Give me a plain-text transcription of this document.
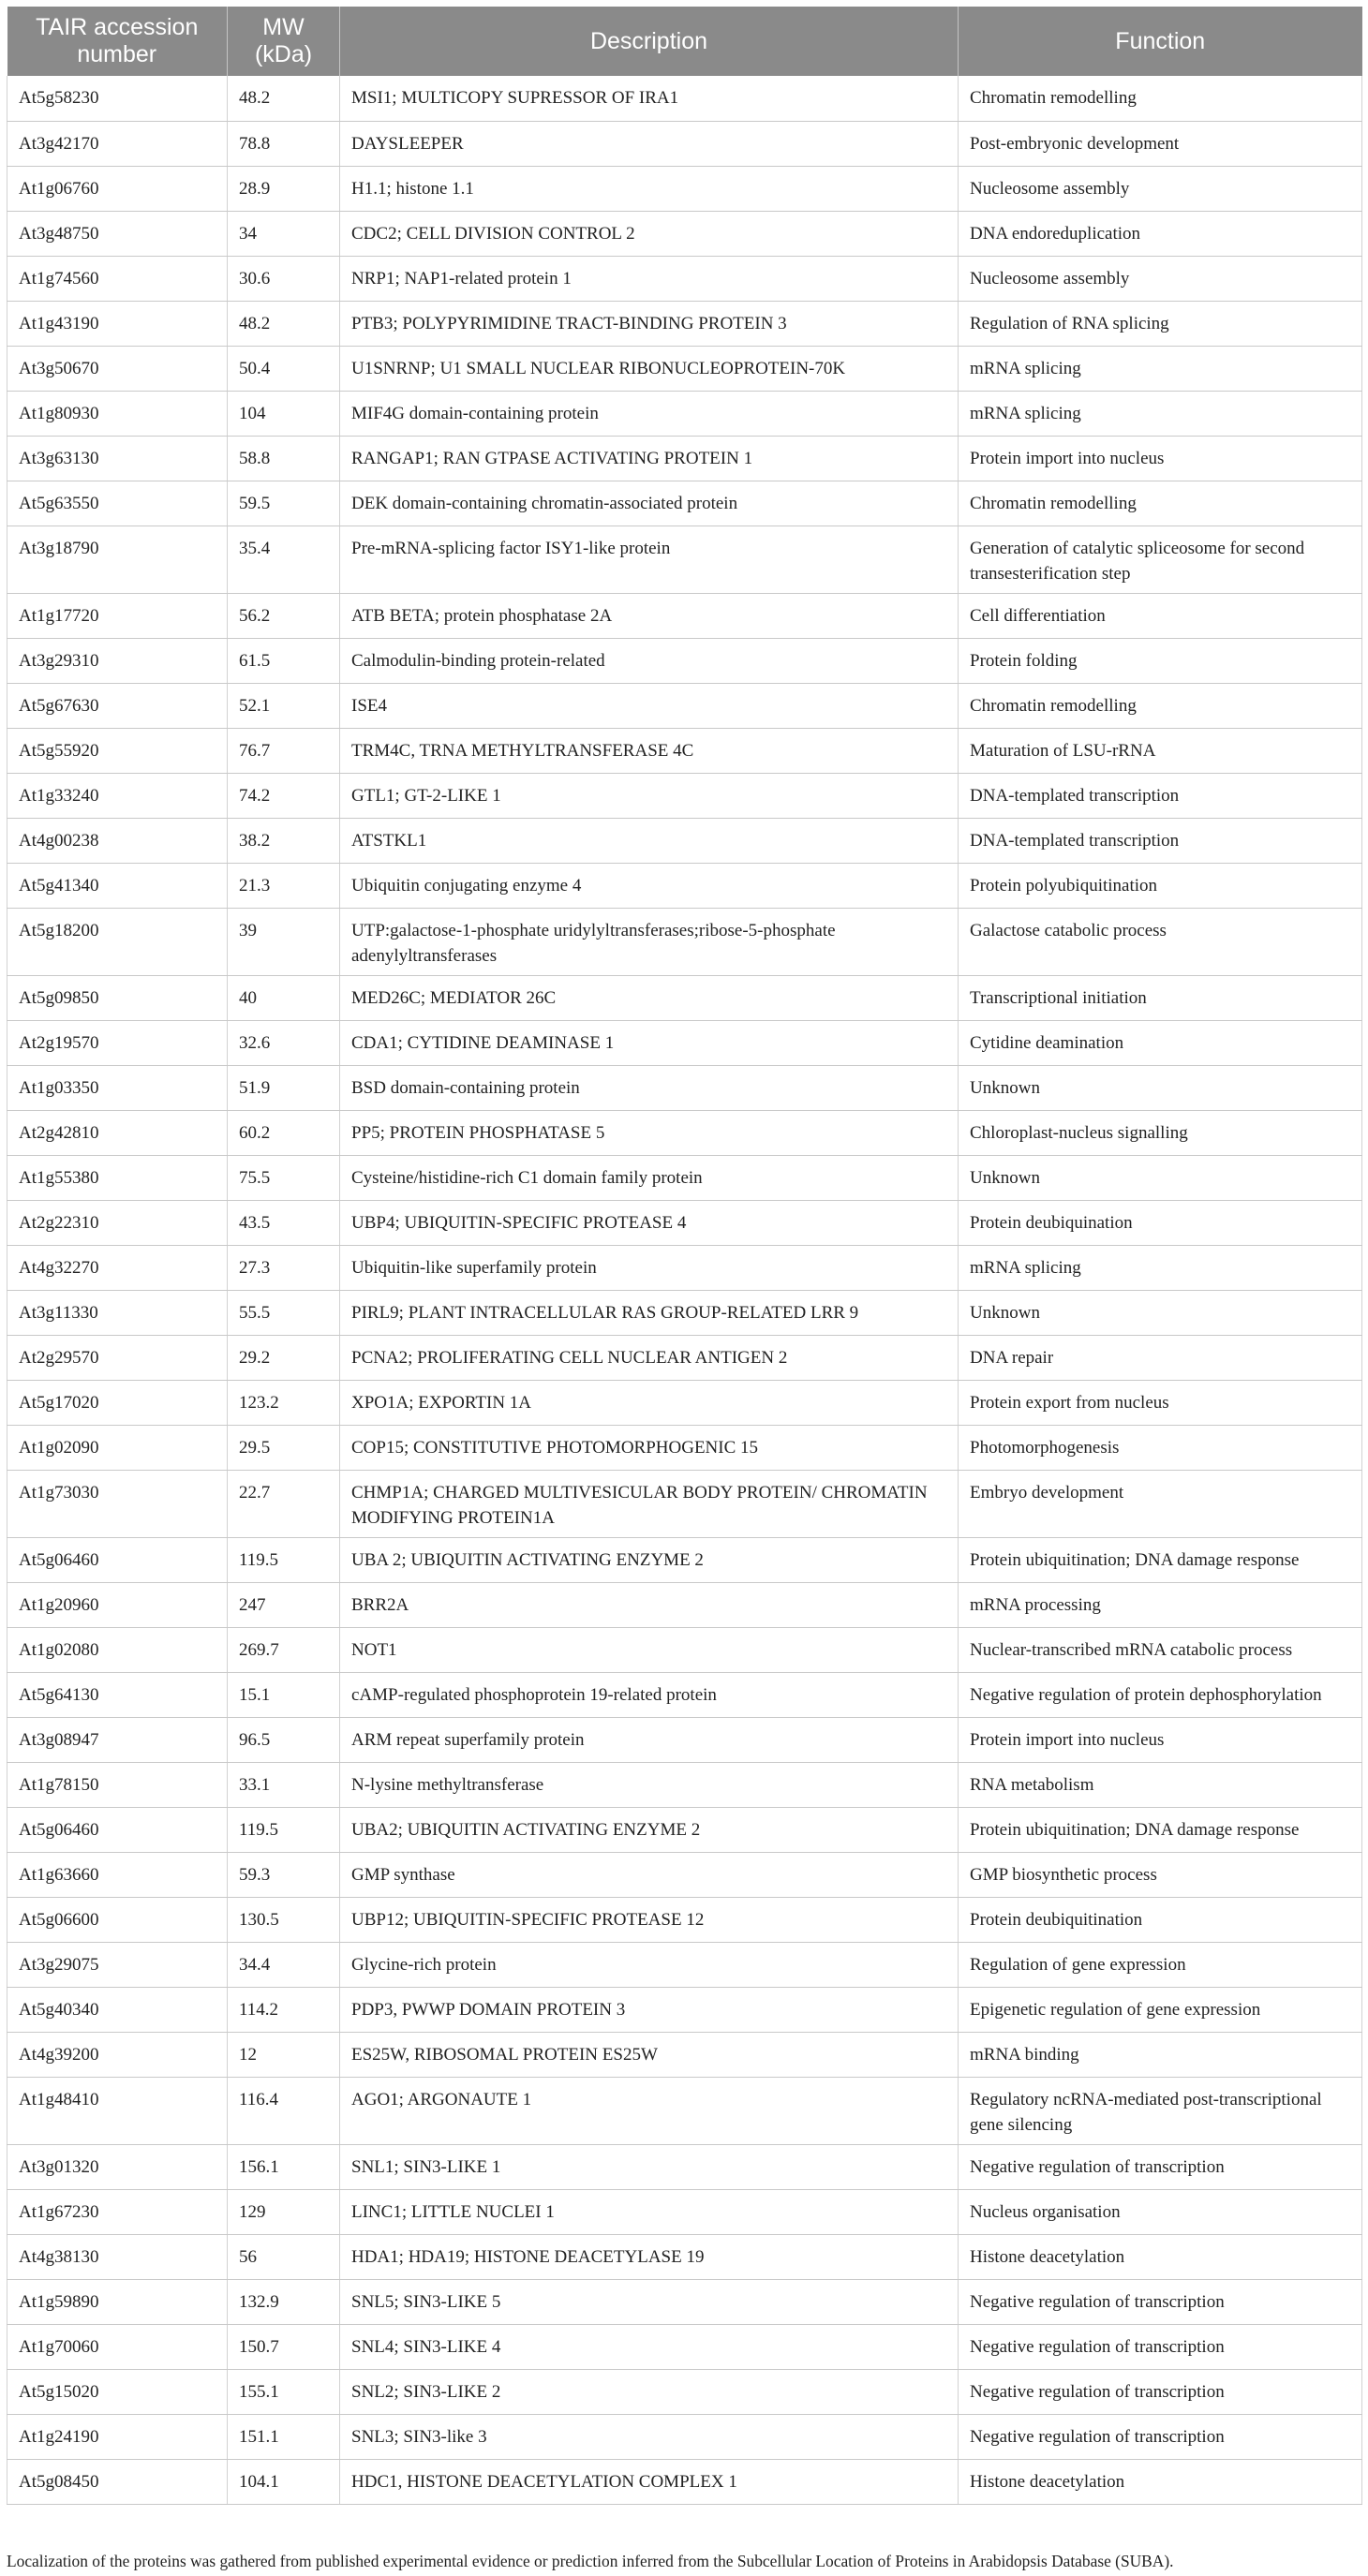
TAIR accession number	MW (kDa)	Description	Function
At5g58230	48.2	MSI1; MULTICOPY SUPRESSOR OF IRA1	Chromatin remodelling
At3g42170	78.8	DAYSLEEPER	Post-embryonic development
At1g06760	28.9	H1.1; histone 1.1	Nucleosome assembly
At3g48750	34	CDC2; CELL DIVISION CONTROL 2	DNA endoreduplication
At1g74560	30.6	NRP1; NAP1-related protein 1	Nucleosome assembly
At1g43190	48.2	PTB3; POLYPYRIMIDINE TRACT-BINDING PROTEIN 3	Regulation of RNA splicing
At3g50670	50.4	U1SNRNP; U1 SMALL NUCLEAR RIBONUCLEOPROTEIN-70K	mRNA splicing
At1g80930	104	MIF4G domain-containing protein	mRNA splicing
At3g63130	58.8	RANGAP1; RAN GTPASE ACTIVATING PROTEIN 1	Protein import into nucleus
At5g63550	59.5	DEK domain-containing chromatin-associated protein	Chromatin remodelling
At3g18790	35.4	Pre-mRNA-splicing factor ISY1-like protein	Generation of catalytic spliceosome for second transesterification step
At1g17720	56.2	ATB BETA; protein phosphatase 2A	Cell differentiation
At3g29310	61.5	Calmodulin-binding protein-related	Protein folding
At5g67630	52.1	ISE4	Chromatin remodelling
At5g55920	76.7	TRM4C, TRNA METHYLTRANSFERASE 4C	Maturation of LSU-rRNA
At1g33240	74.2	GTL1; GT-2-LIKE 1	DNA-templated transcription
At4g00238	38.2	ATSTKL1	DNA-templated transcription
At5g41340	21.3	Ubiquitin conjugating enzyme 4	Protein polyubiquitination
At5g18200	39	UTP:galactose-1-phosphate uridylyltransferases;ribose-5-phosphate adenylyltransferases	Galactose catabolic process
At5g09850	40	MED26C; MEDIATOR 26C	Transcriptional initiation
At2g19570	32.6	CDA1; CYTIDINE DEAMINASE 1	Cytidine deamination
At1g03350	51.9	BSD domain-containing protein	Unknown
At2g42810	60.2	PP5; PROTEIN PHOSPHATASE 5	Chloroplast-nucleus signalling
At1g55380	75.5	Cysteine/histidine-rich C1 domain family protein	Unknown
At2g22310	43.5	UBP4; UBIQUITIN-SPECIFIC PROTEASE 4	Protein deubiquination
At4g32270	27.3	Ubiquitin-like superfamily protein	mRNA splicing
At3g11330	55.5	PIRL9; PLANT INTRACELLULAR RAS GROUP-RELATED LRR 9	Unknown
At2g29570	29.2	PCNA2; PROLIFERATING CELL NUCLEAR ANTIGEN 2	DNA repair
At5g17020	123.2	XPO1A; EXPORTIN 1A	Protein export from nucleus
At1g02090	29.5	COP15; CONSTITUTIVE PHOTOMORPHOGENIC 15	Photomorphogenesis
At1g73030	22.7	CHMP1A; CHARGED MULTIVESICULAR BODY PROTEIN/ CHROMATIN MODIFYING PROTEIN1A	Embryo development
At5g06460	119.5	UBA 2; UBIQUITIN ACTIVATING ENZYME 2	Protein ubiquitination; DNA damage response
At1g20960	247	BRR2A	mRNA processing
At1g02080	269.7	NOT1	Nuclear-transcribed mRNA catabolic process
At5g64130	15.1	cAMP-regulated phosphoprotein 19-related protein	Negative regulation of protein dephosphorylation
At3g08947	96.5	ARM repeat superfamily protein	Protein import into nucleus
At1g78150	33.1	N-lysine methyltransferase	RNA metabolism
At5g06460	119.5	UBA2; UBIQUITIN ACTIVATING ENZYME 2	Protein ubiquitination; DNA damage response
At1g63660	59.3	GMP synthase	GMP biosynthetic process
At5g06600	130.5	UBP12; UBIQUITIN-SPECIFIC PROTEASE 12	Protein deubiquitination
At3g29075	34.4	Glycine-rich protein	Regulation of gene expression
At5g40340	114.2	PDP3, PWWP DOMAIN PROTEIN 3	Epigenetic regulation of gene expression
At4g39200	12	ES25W, RIBOSOMAL PROTEIN ES25W	mRNA binding
At1g48410	116.4	AGO1; ARGONAUTE 1	Regulatory ncRNA-mediated post-transcriptional gene silencing
At3g01320	156.1	SNL1; SIN3-LIKE 1	Negative regulation of transcription
At1g67230	129	LINC1; LITTLE NUCLEI 1	Nucleus organisation
At4g38130	56	HDA1; HDA19; HISTONE DEACETYLASE 19	Histone deacetylation
At1g59890	132.9	SNL5; SIN3-LIKE 5	Negative regulation of transcription
At1g70060	150.7	SNL4; SIN3-LIKE 4	Negative regulation of transcription
At5g15020	155.1	SNL2; SIN3-LIKE 2	Negative regulation of transcription
At1g24190	151.1	SNL3; SIN3-like 3	Negative regulation of transcription
At5g08450	104.1	HDC1, HISTONE DEACETYLATION COMPLEX 1	Histone deacetylation
Localization of the proteins was gathered from published experimental evidence or prediction inferred from the Subcellular Location of Proteins in Arabidopsis Database (SUBA).
